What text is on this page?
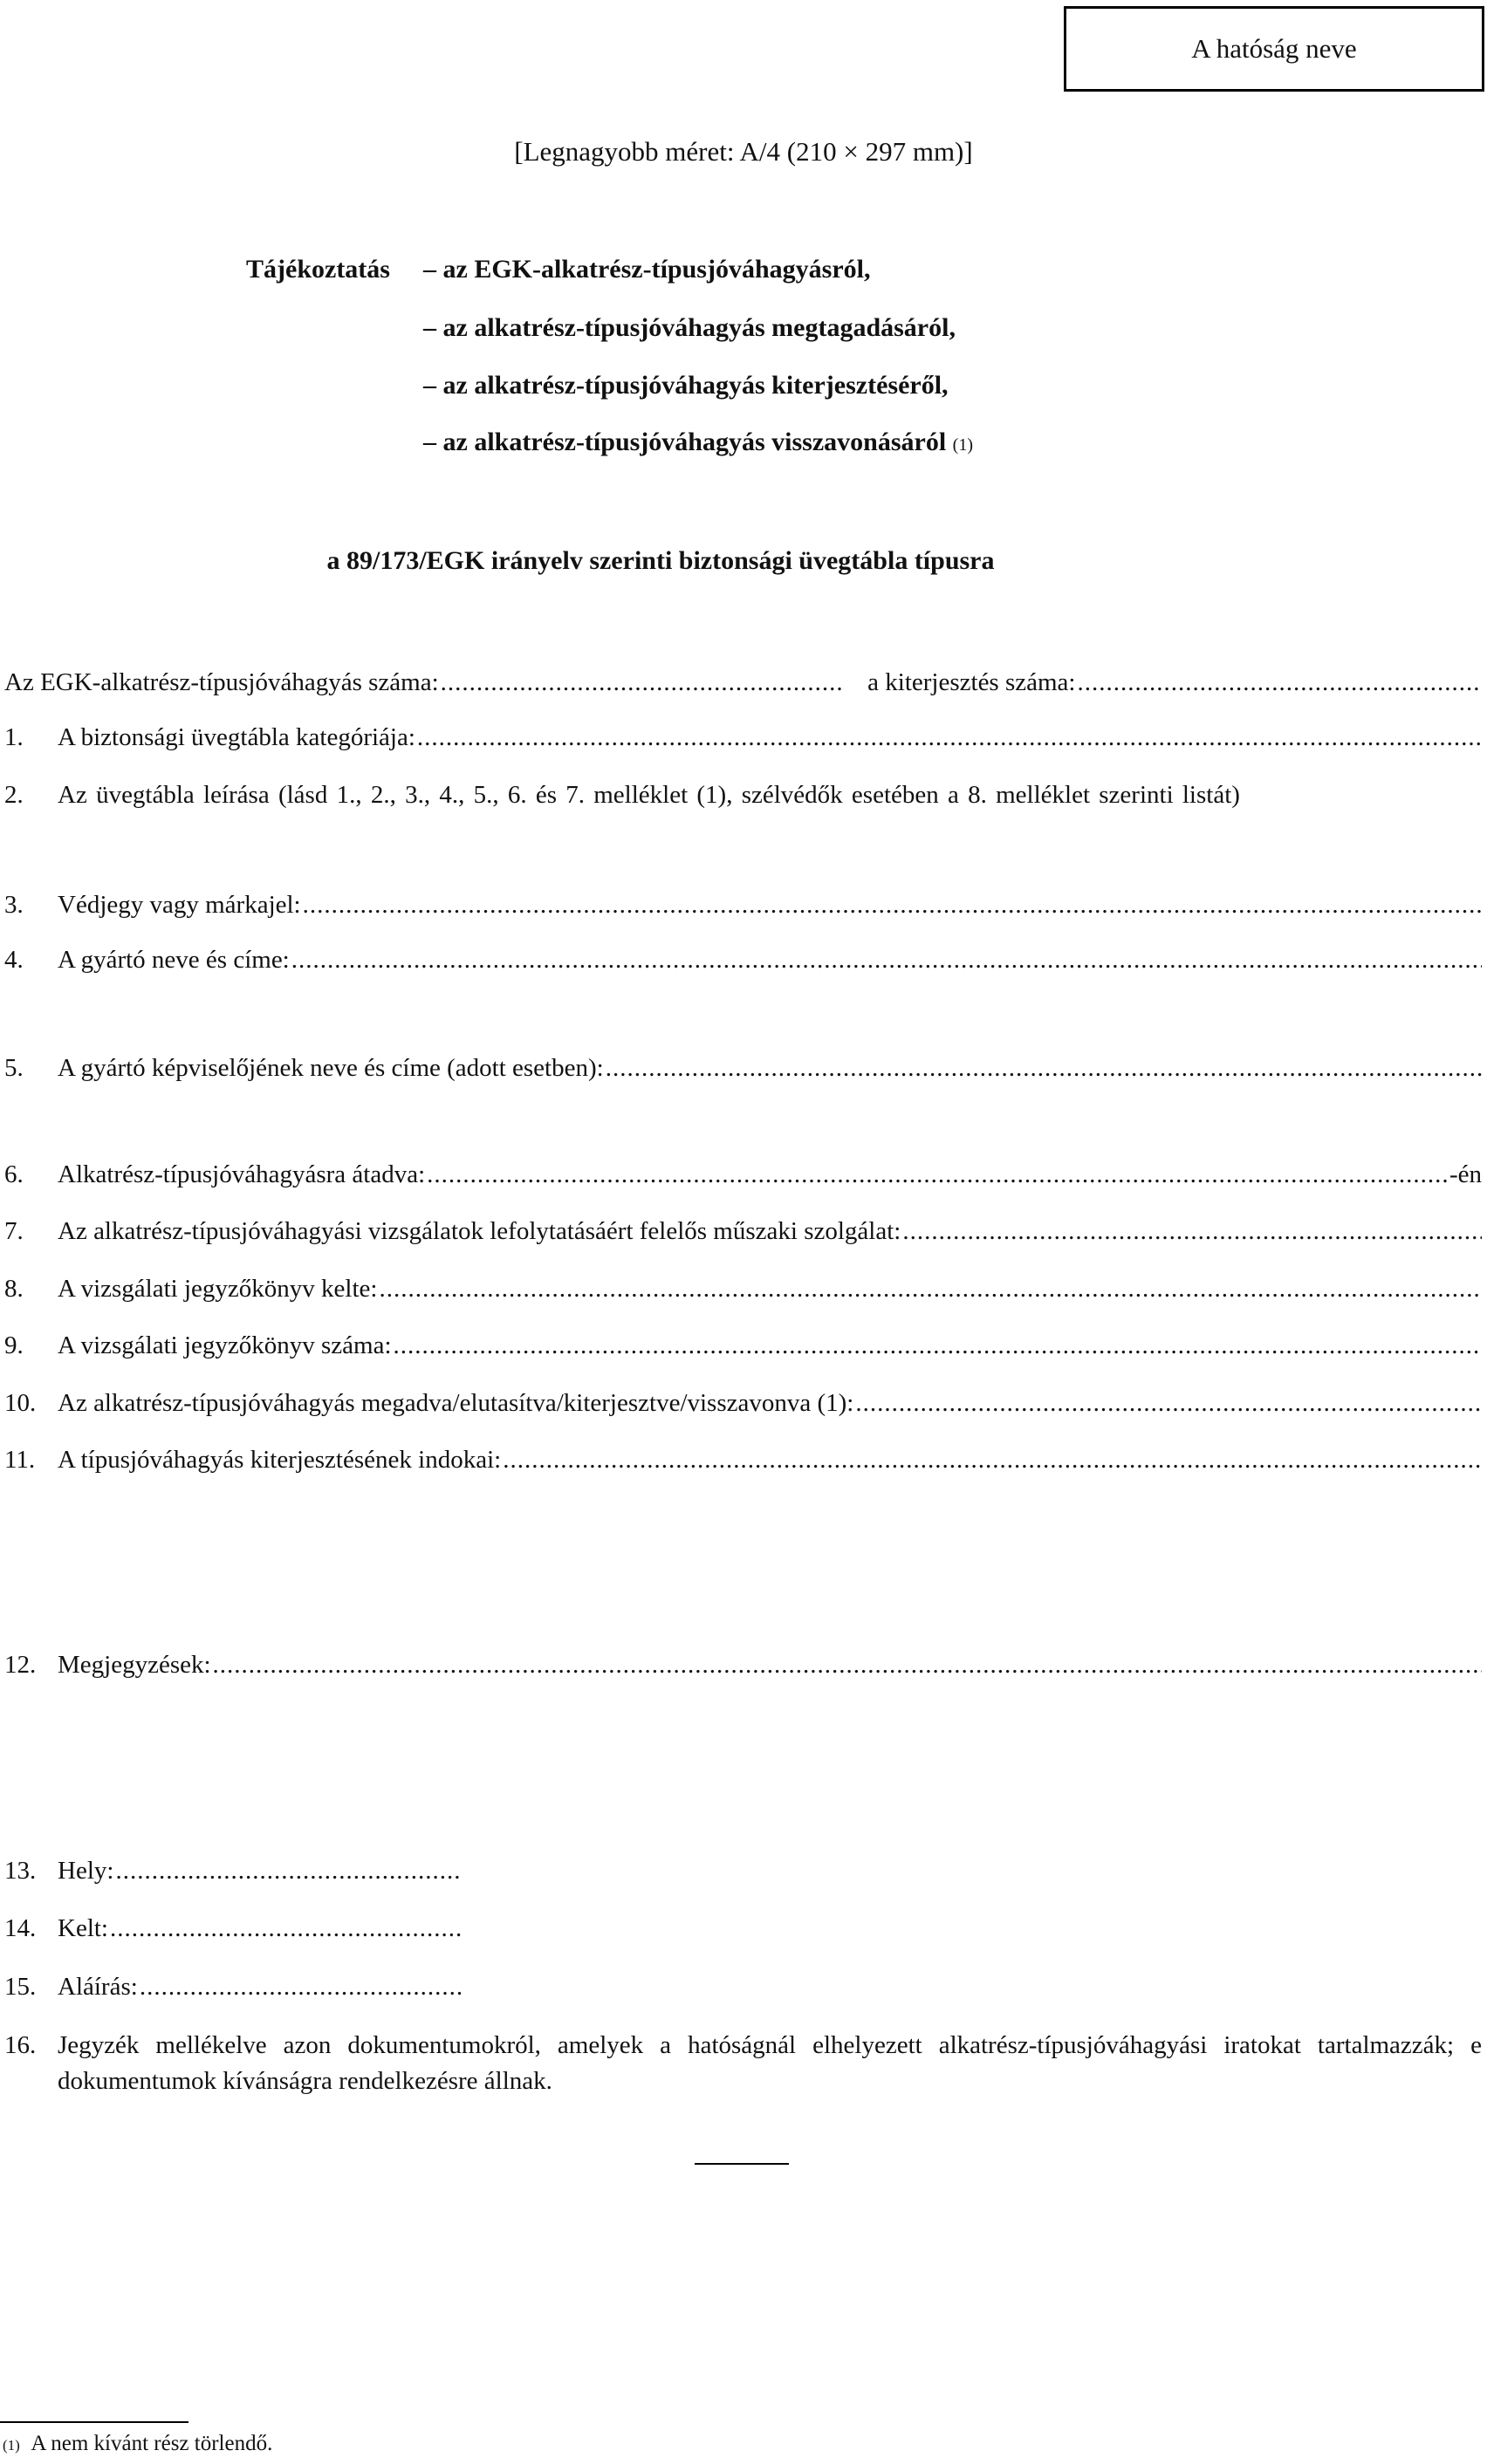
A hatóság neve
[Legnagyobb méret: A/4 (210 × 297 mm)]
Tájékoztatás – az EGK-alkatrész-típusjóváhagyásról,
– az alkatrész-típusjóváhagyás megtagadásáról,
– az alkatrész-típusjóváhagyás kiterjesztéséről,
– az alkatrész-típusjóváhagyás visszavonásáról (1)
a 89/173/EGK irányelv szerinti biztonsági üvegtábla típusra
Az EGK-alkatrész-típusjóváhagyás száma: .....	a kiterjesztés száma:
.....
1.	A biztonsági üvegtábla kategóriája:
.....
2.	Az üvegtábla leírása (lásd 1., 2., 3., 4., 5., 6. és 7. melléklet (1), szélvédők esetében a 8. melléklet szerinti listát)
3.	Védjegy vagy márkajel:
.....
4.	A gyártó neve és címe:
.....
5.	A gyártó képviselőjének neve és címe (adott esetben):
.....
6.	Alkatrész-típusjóváhagyásra átadva: .....	-én
7.	Az alkatrész-típusjóváhagyási vizsgálatok lefolytatásáért felelős műszaki szolgálat:
.....
8.	A vizsgálati jegyzőkönyv kelte:
.....
9.	A vizsgálati jegyzőkönyv száma:
.....
10. Az alkatrész-típusjóváhagyás megadva/elutasítva/kiterjesztve/visszavonva (1):
.....
11. A típusjóváhagyás kiterjesztésének indokai:
.....
12. Megjegyzések:
.....
13. Hely:
.....
14. Kelt:
.....
15. Aláírás:
.....
16. Jegyzék mellékelve azon dokumentumokról, amelyek a hatóságnál elhelyezett alkatrész-típusjóváhagyási iratokat tartalmazzák; e dokumentumok kívánságra rendelkezésre állnak.
(1) A nem kívánt rész törlendő.
